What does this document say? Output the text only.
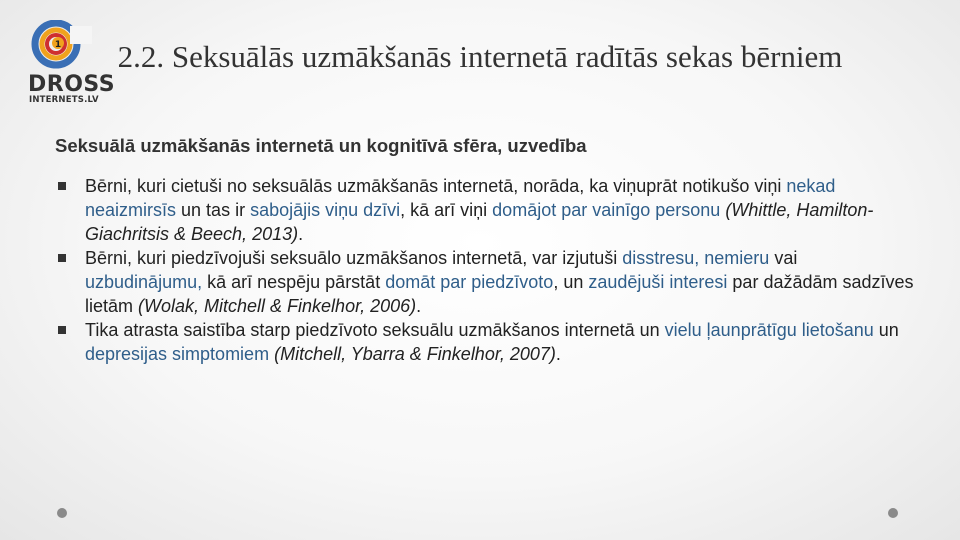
1
DROSS
INTERNETS.LV
2.2. Seksuālās uzmākšanās internetā radītās sekas bērniem
Seksuālā uzmākšanās internetā un kognitīvā sfēra, uzvedība
Bērni, kuri cietuši no seksuālās uzmākšanās internetā, norāda, ka viņuprāt notikušo viņi nekad neaizmirsīs un tas ir sabojājis viņu dzīvi, kā arī viņi domājot par vainīgo personu (Whittle, Hamilton-Giachritsis & Beech, 2013).
Bērni, kuri piedzīvojuši seksuālo uzmākšanos internetā, var izjutuši disstresu, nemieru vai uzbudinājumu, kā arī nespēju pārstāt domāt par piedzīvoto, un zaudējuši interesi par dažādām sadzīves lietām (Wolak, Mitchell & Finkelhor, 2006).
Tika atrasta saistība starp piedzīvoto seksuālu uzmākšanos internetā un vielu ļaunprātīgu lietošanu un depresijas simptomiem (Mitchell, Ybarra & Finkelhor, 2007).
